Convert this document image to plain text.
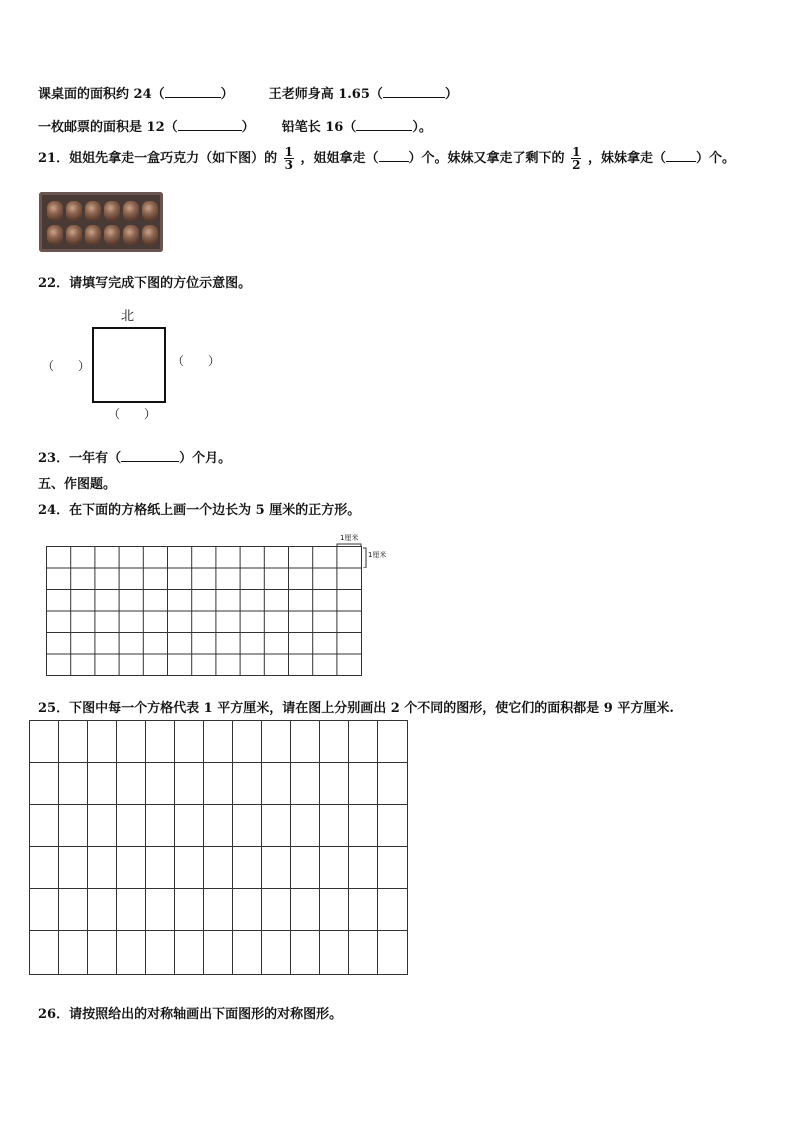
课桌面的面积约 24（	）	王老师身高 1.65（	）
一枚邮票的面积是 12（	） 铅笔长 16（	）。
21．姐姐先拿走一盒巧克力（如下图）的 $\frac{1}{3}$ ，姐姐拿走（ ）个。妹妹又拿走了剩下的 $\frac{1}{2}$ ，妹妹拿走（ ）个。
22．请填写完成下图的方位示意图。
北
（　　）	（　　）
（　　）
23．一年有（	）个月。
五、作图题。
24．在下面的方格纸上画一个边长为 5 厘米的正方形。
1厘米
1厘米
25．下图中每一个方格代表 1 平方厘米，请在图上分别画出 2 个不同的图形，使它们的面积都是 9 平方厘米.
26．请按照给出的对称轴画出下面图形的对称图形。
